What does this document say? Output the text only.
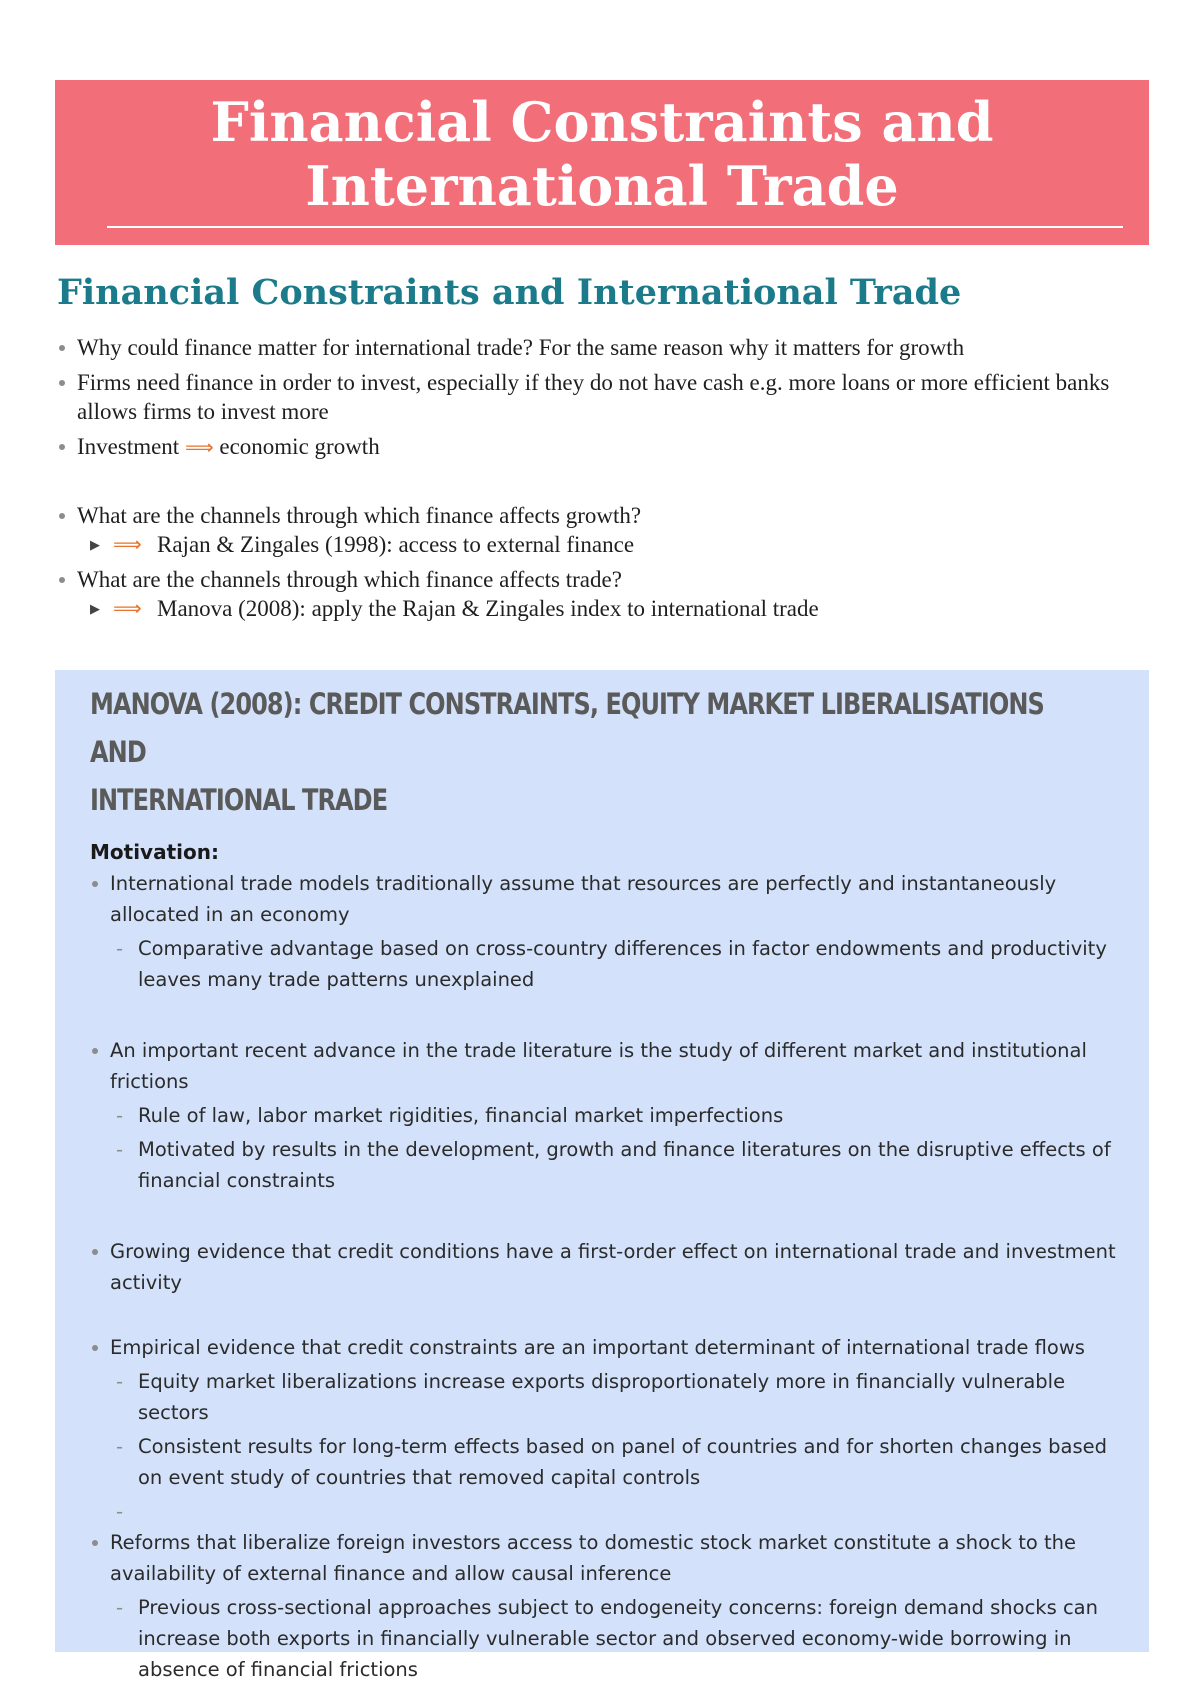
Financial Constraints and
International Trade
Financial Constraints and International Trade
Why could finance matter for international trade? For the same reason why it matters for growth
Firms need finance in order to invest, especially if they do not have cash e.g. more loans or more efficient banks allows firms to invest more
Investment ⟹ economic growth
What are the channels through which finance affects growth?
▶ ⟹ Rajan & Zingales (1998): access to external finance
What are the channels through which finance affects trade?
▶ ⟹ Manova (2008): apply the Rajan & Zingales index to international trade
MANOVA (2008): CREDIT CONSTRAINTS, EQUITY MARKET LIBERALISATIONS AND
INTERNATIONAL TRADE
Motivation:
International trade models traditionally assume that resources are perfectly and instantaneously allocated in an economy
- Comparative advantage based on cross-country differences in factor endowments and productivity leaves many trade patterns unexplained
An important recent advance in the trade literature is the study of different market and institutional frictions
- Rule of law, labor market rigidities, financial market imperfections
- Motivated by results in the development, growth and finance literatures on the disruptive effects of financial constraints
Growing evidence that credit conditions have a first-order effect on international trade and investment activity
Empirical evidence that credit constraints are an important determinant of international trade flows
- Equity market liberalizations increase exports disproportionately more in financially vulnerable sectors
- Consistent results for long-term effects based on panel of countries and for shorten changes based on event study of countries that removed capital controls
-
Reforms that liberalize foreign investors access to domestic stock market constitute a shock to the availability of external finance and allow causal inference
- Previous cross-sectional approaches subject to endogeneity concerns: foreign demand shocks can increase both exports in financially vulnerable sector and observed economy-wide borrowing in absence of financial frictions
